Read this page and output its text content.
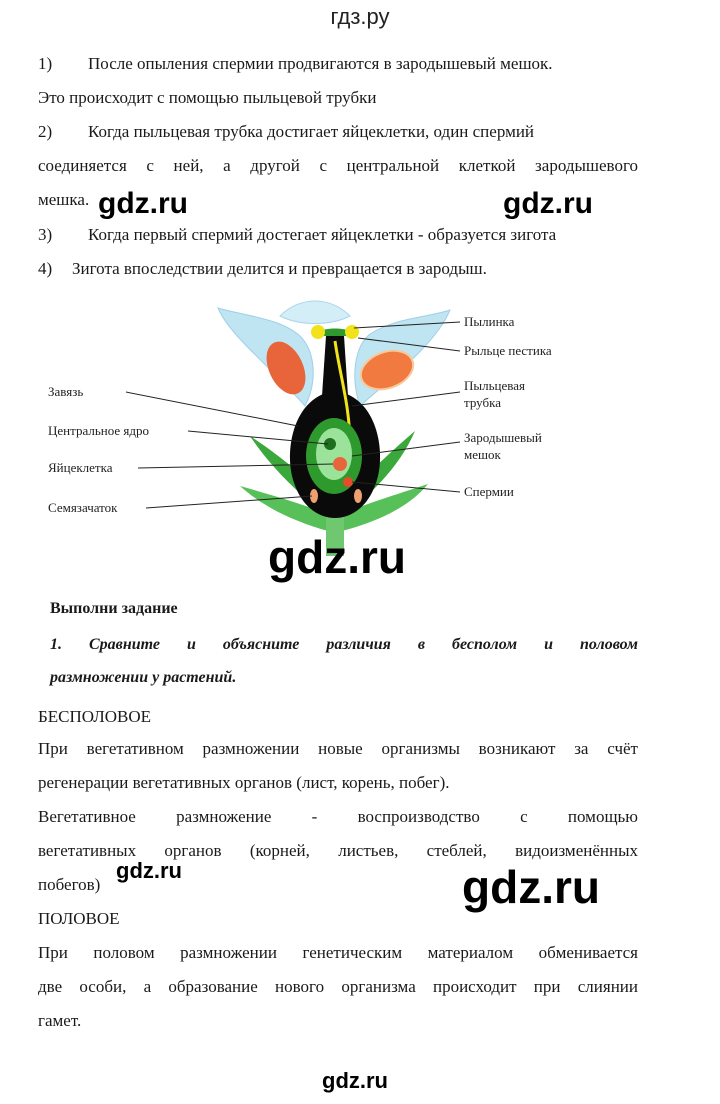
гдз.ру
1) После опыления спермии продвигаются в зародышевый мешок.
Это происходит с помощью пыльцевой трубки
2) Когда пыльцевая трубка достигает яйцеклетки, один спермий
соединяется с ней, а другой с центральной клеткой зародышевого
мешка. gdz.ru	gdz.ru
3) Когда первый спермий достегает яйцеклетки - образуется зигота
4) Зигота впоследствии делится и превращается в зародыш.
Завязь
Центральное ядро
Яйцеклетка
Семязачаток
Пылинка
Рыльце пестика
Пыльцевая
трубка
Зародышевый
мешок
Спермии
gdz.ru
Выполни задание
1. Сравните и объясните различия в бесполом и половом
размножении у растений.
БЕСПОЛОВОЕ
При вегетативном размножении новые организмы возникают за счёт
регенерации вегетативных органов (лист, корень, побег).
Вегетативное размножение - воспроизводство с помощью
вегетативных органов (корней, листьев, стеблей, видоизменённых
побегов)
gdz.ru	gdz.ru
ПОЛОВОЕ
При половом размножении генетическим материалом обменивается
две особи, а образование нового организма происходит при слиянии
гамет.
gdz.ru
